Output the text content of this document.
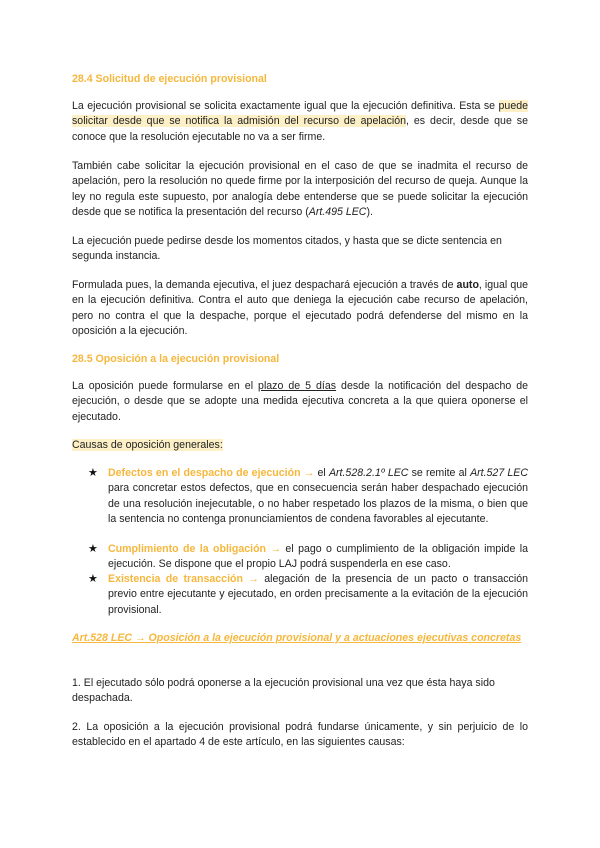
28.4 Solicitud de ejecución provisional
La ejecución provisional se solicita exactamente igual que la ejecución definitiva. Esta se puede solicitar desde que se notifica la admisión del recurso de apelación, es decir, desde que se conoce que la resolución ejecutable no va a ser firme.
También cabe solicitar la ejecución provisional en el caso de que se inadmita el recurso de apelación, pero la resolución no quede firme por la interposición del recurso de queja. Aunque la ley no regula este supuesto, por analogía debe entenderse que se puede solicitar la ejecución desde que se notifica la presentación del recurso (Art.495 LEC).
La ejecución puede pedirse desde los momentos citados, y hasta que se dicte sentencia en segunda instancia.
Formulada pues, la demanda ejecutiva, el juez despachará ejecución a través de auto, igual que en la ejecución definitiva. Contra el auto que deniega la ejecución cabe recurso de apelación, pero no contra el que la despache, porque el ejecutado podrá defenderse del mismo en la oposición a la ejecución.
28.5 Oposición a la ejecución provisional
La oposición puede formularse en el plazo de 5 días desde la notificación del despacho de ejecución, o desde que se adopte una medida ejecutiva concreta a la que quiera oponerse el ejecutado.
Causas de oposición generales:
★ Defectos en el despacho de ejecución → el Art.528.2.1º LEC se remite al Art.527 LEC para concretar estos defectos, que en consecuencia serán haber despachado ejecución de una resolución inejecutable, o no haber respetado los plazos de la misma, o bien que la sentencia no contenga pronunciamientos de condena favorables al ejecutante.
★ Cumplimiento de la obligación → el pago o cumplimiento de la obligación impide la ejecución. Se dispone que el propio LAJ podrá suspenderla en ese caso.
★ Existencia de transacción → alegación de la presencia de un pacto o transacción previo entre ejecutante y ejecutado, en orden precisamente a la evitación de la ejecución provisional.
Art.528 LEC → Oposición a la ejecución provisional y a actuaciones ejecutivas concretas
1. El ejecutado sólo podrá oponerse a la ejecución provisional una vez que ésta haya sido despachada.
2. La oposición a la ejecución provisional podrá fundarse únicamente, y sin perjuicio de lo establecido en el apartado 4 de este artículo, en las siguientes causas:
